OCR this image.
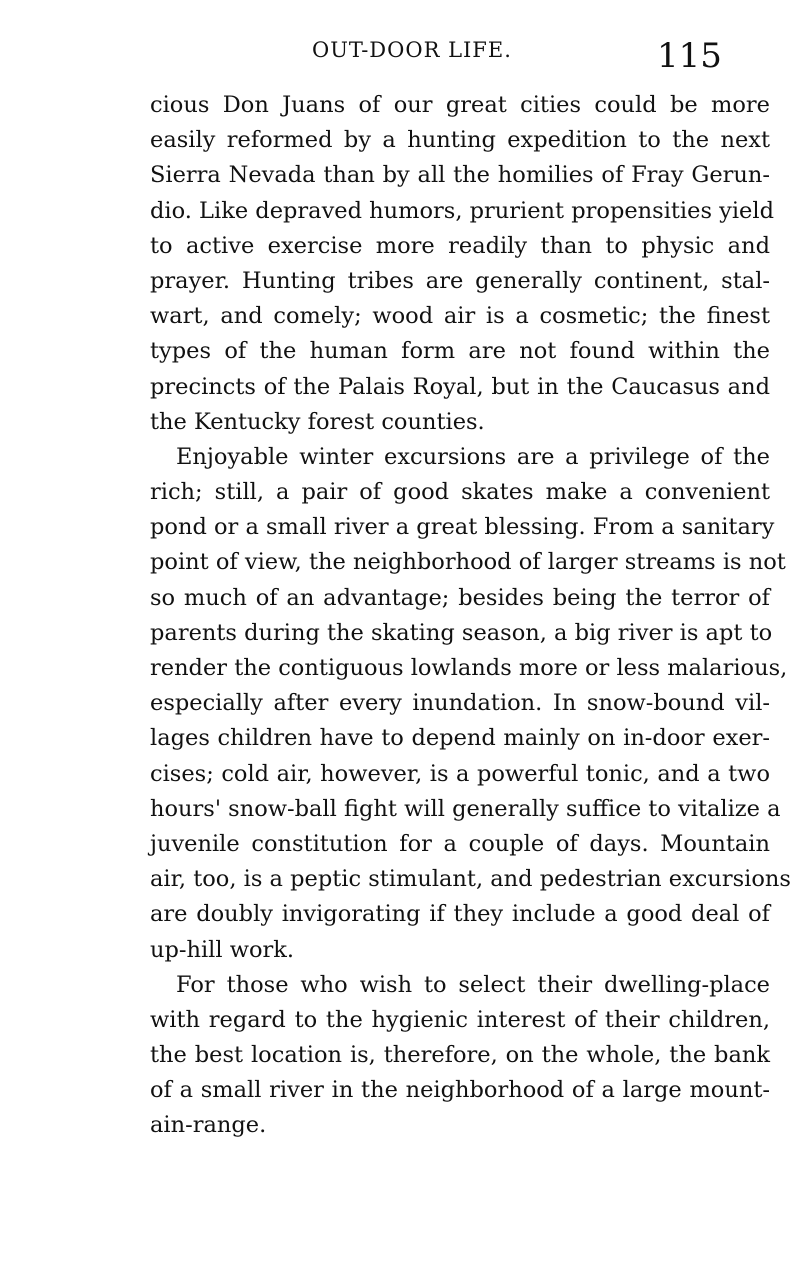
OUT-DOOR LIFE.	115
cious Don Juans of our great cities could be more
easily reformed by a hunting expedition to the next
Sierra Nevada than by all the homilies of Fray Gerun-
dio. Like depraved humors, prurient propensities yield
to active exercise more readily than to physic and
prayer. Hunting tribes are generally continent, stal-
wart, and comely; wood air is a cosmetic; the finest
types of the human form are not found within the
precincts of the Palais Royal, but in the Caucasus and
the Kentucky forest counties.
Enjoyable winter excursions are a privilege of the
rich; still, a pair of good skates make a convenient
pond or a small river a great blessing. From a sanitary
point of view, the neighborhood of larger streams is not
so much of an advantage; besides being the terror of
parents during the skating season, a big river is apt to
render the contiguous lowlands more or less malarious,
especially after every inundation. In snow-bound vil-
lages children have to depend mainly on in-door exer-
cises; cold air, however, is a powerful tonic, and a two
hours' snow-ball fight will generally suffice to vitalize a
juvenile constitution for a couple of days. Mountain
air, too, is a peptic stimulant, and pedestrian excursions
are doubly invigorating if they include a good deal of
up-hill work.
For those who wish to select their dwelling-place
with regard to the hygienic interest of their children,
the best location is, therefore, on the whole, the bank
of a small river in the neighborhood of a large mount-
ain-range.
